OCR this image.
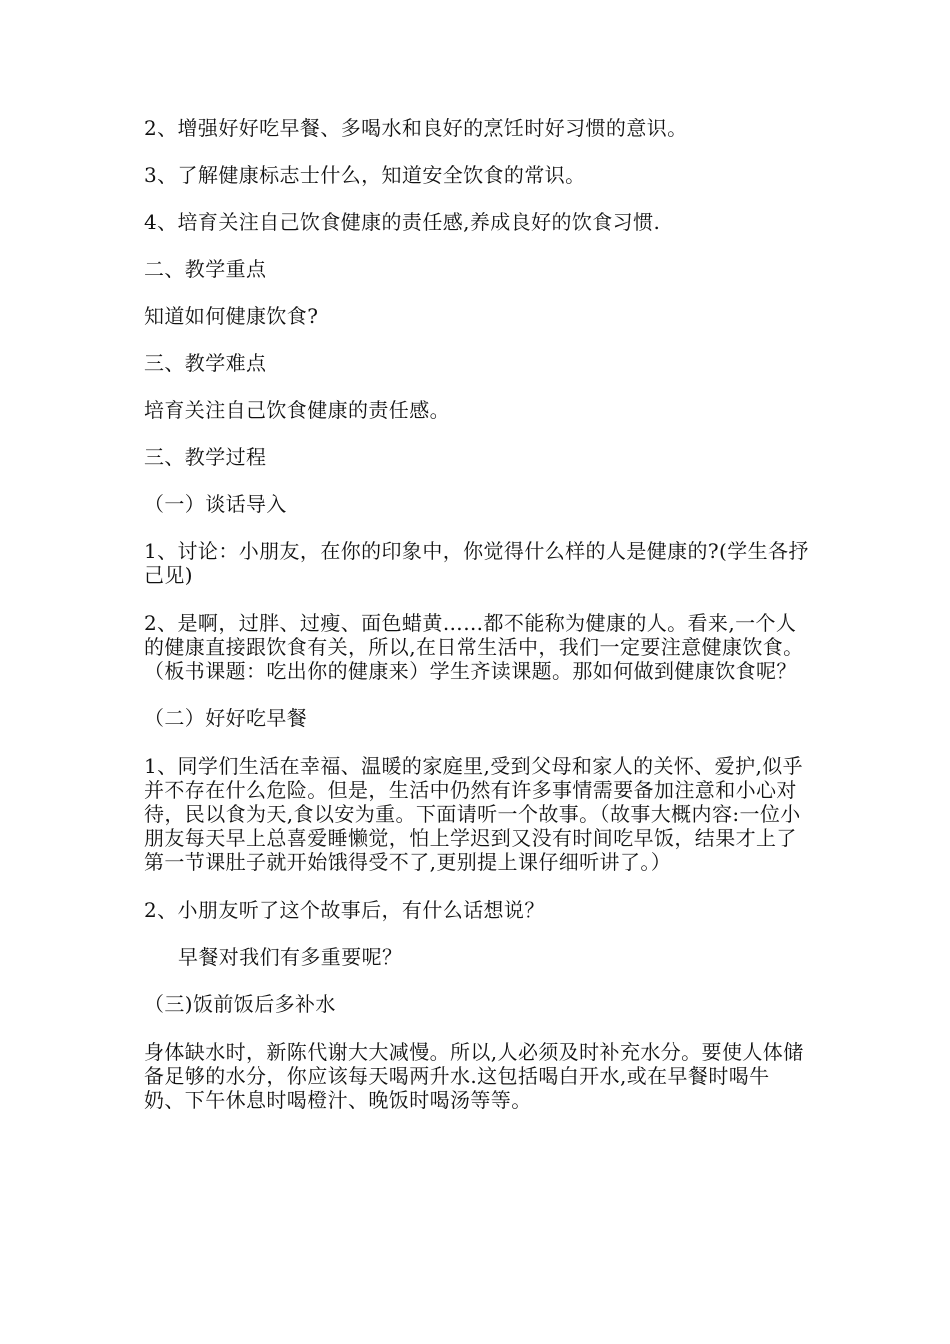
2、增强好好吃早餐、多喝水和良好的烹饪时好习惯的意识。

3、了解健康标志士什么，知道安全饮食的常识。

4、培育关注自己饮食健康的责任感,养成良好的饮食习惯.

二、教学重点

知道如何健康饮食?

三、教学难点

培育关注自己饮食健康的责任感。

三、教学过程

（一）谈话导入

1、讨论：小朋友，在你的印象中，你觉得什么样的人是健康的?(学生各抒己见)

2、是啊，过胖、过瘦、面色蜡黄……都不能称为健康的人。看来,一个人的健康直接跟饮食有关，所以,在日常生活中，我们一定要注意健康饮食。（板书课题：吃出你的健康来）学生齐读课题。那如何做到健康饮食呢？

（二）好好吃早餐

1、同学们生活在幸福、温暖的家庭里,受到父母和家人的关怀、爱护,似乎并不存在什么危险。但是，生活中仍然有许多事情需要备加注意和小心对待，民以食为天,食以安为重。下面请听一个故事。（故事大概内容:一位小朋友每天早上总喜爱睡懒觉，怕上学迟到又没有时间吃早饭，结果才上了第一节课肚子就开始饿得受不了,更别提上课仔细听讲了。）

2、小朋友听了这个故事后，有什么话想说？

早餐对我们有多重要呢？

（三)饭前饭后多补水

身体缺水时，新陈代谢大大减慢。所以,人必须及时补充水分。要使人体储备足够的水分，你应该每天喝两升水.这包括喝白开水,或在早餐时喝牛奶、下午休息时喝橙汁、晚饭时喝汤等等。
